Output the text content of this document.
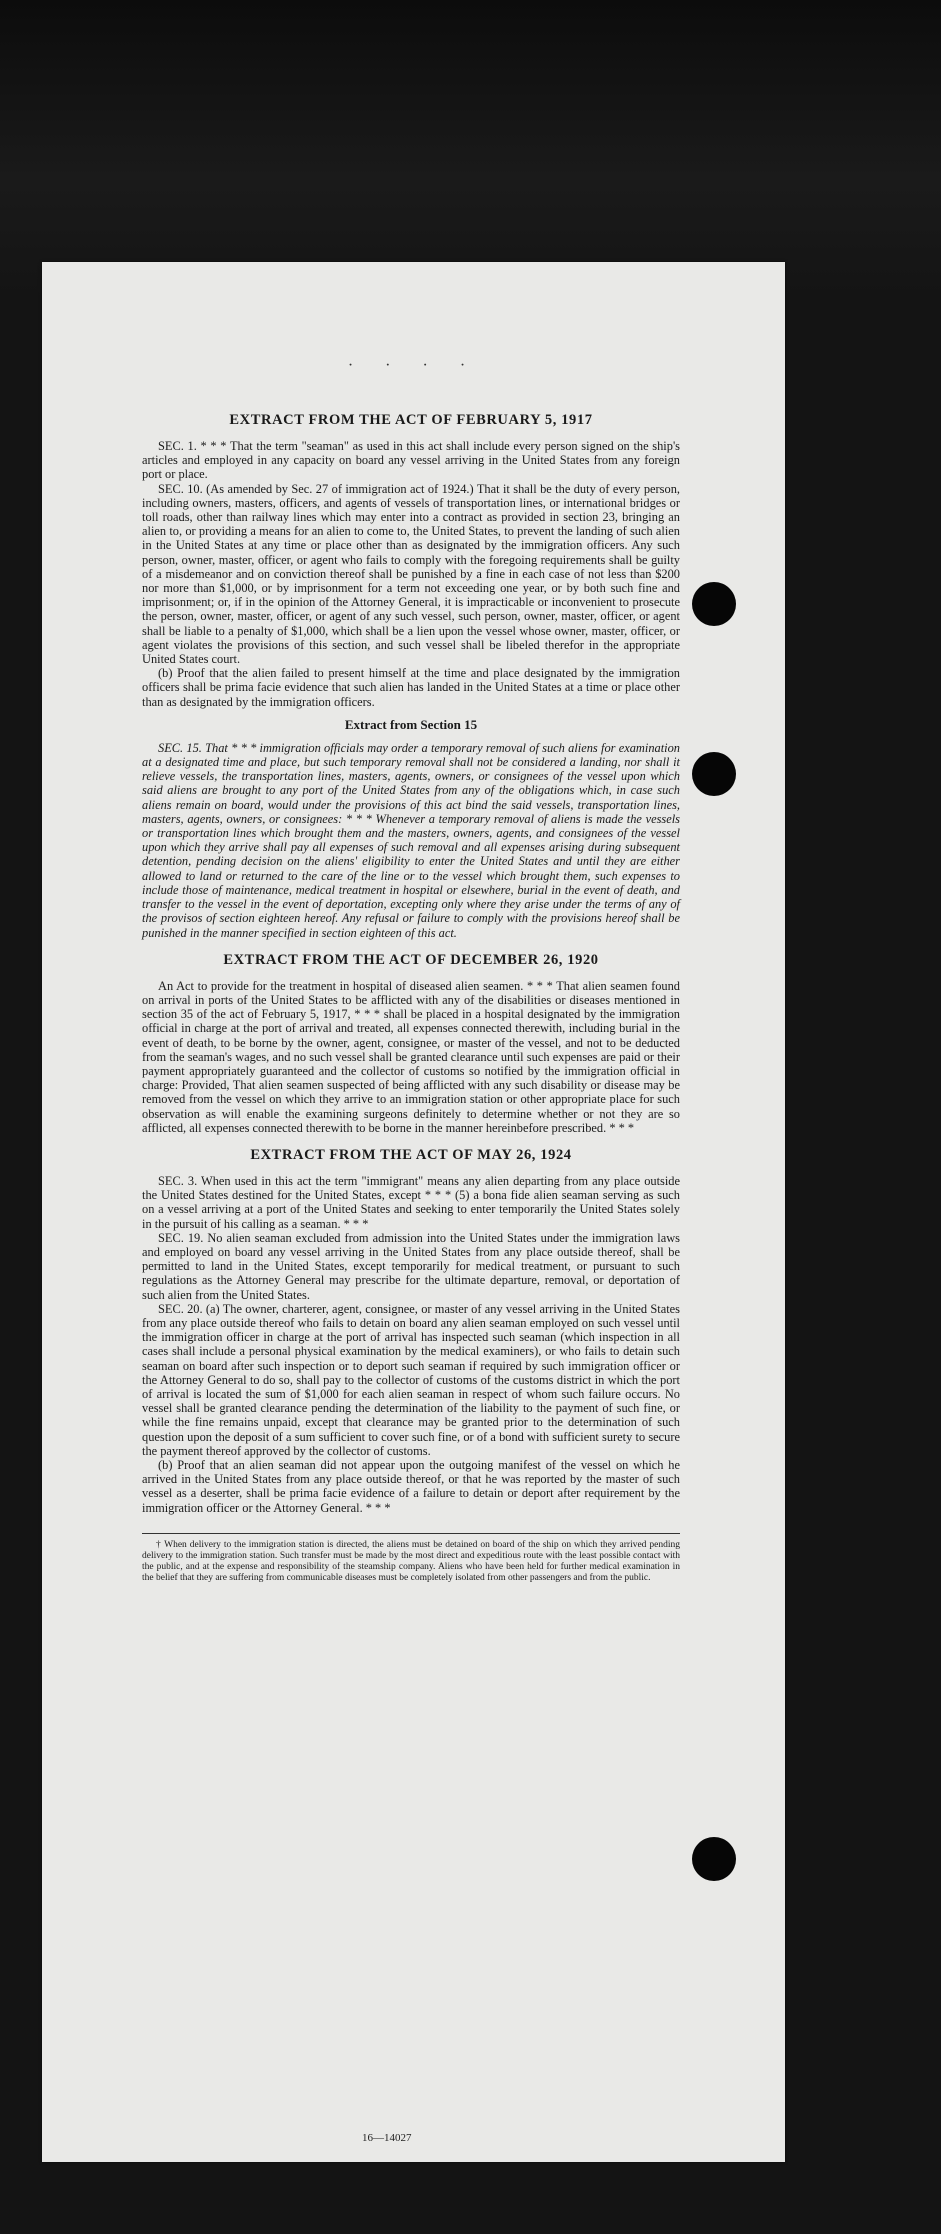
· · · ·
EXTRACT FROM THE ACT OF FEBRUARY 5, 1917

SEC. 1. * * * That the term "seaman" as used in this act shall include every person signed on the ship's articles and employed in any capacity on board any vessel arriving in the United States from any foreign port or place.

SEC. 10. (As amended by Sec. 27 of immigration act of 1924.) That it shall be the duty of every person, including owners, masters, officers, and agents of vessels of transportation lines, or international bridges or toll roads, other than railway lines which may enter into a contract as provided in section 23, bringing an alien to, or providing a means for an alien to come to, the United States, to prevent the landing of such alien in the United States at any time or place other than as designated by the immigration officers. Any such person, owner, master, officer, or agent who fails to comply with the foregoing requirements shall be guilty of a misdemeanor and on conviction thereof shall be punished by a fine in each case of not less than $200 nor more than $1,000, or by imprisonment for a term not exceeding one year, or by both such fine and imprisonment; or, if in the opinion of the Attorney General, it is impracticable or inconvenient to prosecute the person, owner, master, officer, or agent of any such vessel, such person, owner, master, officer, or agent shall be liable to a penalty of $1,000, which shall be a lien upon the vessel whose owner, master, officer, or agent violates the provisions of this section, and such vessel shall be libeled therefor in the appropriate United States court.

(b) Proof that the alien failed to present himself at the time and place designated by the immigration officers shall be prima facie evidence that such alien has landed in the United States at a time or place other than as designated by the immigration officers.

Extract from Section 15

SEC. 15. That * * * immigration officials may order a temporary removal of such aliens for examination at a designated time and place, but such temporary removal shall not be considered a landing, nor shall it relieve vessels, the transportation lines, masters, agents, owners, or consignees of the vessel upon which said aliens are brought to any port of the United States from any of the obligations which, in case such aliens remain on board, would under the provisions of this act bind the said vessels, transportation lines, masters, agents, owners, or consignees: * * * Whenever a temporary removal of aliens is made the vessels or transportation lines which brought them and the masters, owners, agents, and consignees of the vessel upon which they arrive shall pay all expenses of such removal and all expenses arising during subsequent detention, pending decision on the aliens' eligibility to enter the United States and until they are either allowed to land or returned to the care of the line or to the vessel which brought them, such expenses to include those of maintenance, medical treatment in hospital or elsewhere, burial in the event of death, and transfer to the vessel in the event of deportation, excepting only where they arise under the terms of any of the provisos of section eighteen hereof. Any refusal or failure to comply with the provisions hereof shall be punished in the manner specified in section eighteen of this act.

EXTRACT FROM THE ACT OF DECEMBER 26, 1920

An Act to provide for the treatment in hospital of diseased alien seamen. * * * That alien seamen found on arrival in ports of the United States to be afflicted with any of the disabilities or diseases mentioned in section 35 of the act of February 5, 1917, * * * shall be placed in a hospital designated by the immigration official in charge at the port of arrival and treated, all expenses connected therewith, including burial in the event of death, to be borne by the owner, agent, consignee, or master of the vessel, and not to be deducted from the seaman's wages, and no such vessel shall be granted clearance until such expenses are paid or their payment appropriately guaranteed and the collector of customs so notified by the immigration official in charge: Provided, That alien seamen suspected of being afflicted with any such disability or disease may be removed from the vessel on which they arrive to an immigration station or other appropriate place for such observation as will enable the examining surgeons definitely to determine whether or not they are so afflicted, all expenses connected therewith to be borne in the manner hereinbefore prescribed. * * *

EXTRACT FROM THE ACT OF MAY 26, 1924

SEC. 3. When used in this act the term "immigrant" means any alien departing from any place outside the United States destined for the United States, except * * * (5) a bona fide alien seaman serving as such on a vessel arriving at a port of the United States and seeking to enter temporarily the United States solely in the pursuit of his calling as a seaman. * * *

SEC. 19. No alien seaman excluded from admission into the United States under the immigration laws and employed on board any vessel arriving in the United States from any place outside thereof, shall be permitted to land in the United States, except temporarily for medical treatment, or pursuant to such regulations as the Attorney General may prescribe for the ultimate departure, removal, or deportation of such alien from the United States.

SEC. 20. (a) The owner, charterer, agent, consignee, or master of any vessel arriving in the United States from any place outside thereof who fails to detain on board any alien seaman employed on such vessel until the immigration officer in charge at the port of arrival has inspected such seaman (which inspection in all cases shall include a personal physical examination by the medical examiners), or who fails to detain such seaman on board after such inspection or to deport such seaman if required by such immigration officer or the Attorney General to do so, shall pay to the collector of customs of the customs district in which the port of arrival is located the sum of $1,000 for each alien seaman in respect of whom such failure occurs. No vessel shall be granted clearance pending the determination of the liability to the payment of such fine, or while the fine remains unpaid, except that clearance may be granted prior to the determination of such question upon the deposit of a sum sufficient to cover such fine, or of a bond with sufficient surety to secure the payment thereof approved by the collector of customs.

(b) Proof that an alien seaman did not appear upon the outgoing manifest of the vessel on which he arrived in the United States from any place outside thereof, or that he was reported by the master of such vessel as a deserter, shall be prima facie evidence of a failure to detain or deport after requirement by the immigration officer or the Attorney General. * * *

† When delivery to the immigration station is directed, the aliens must be detained on board of the ship on which they arrived pending delivery to the immigration station. Such transfer must be made by the most direct and expeditious route with the least possible contact with the public, and at the expense and responsibility of the steamship company. Aliens who have been held for further medical examination in the belief that they are suffering from communicable diseases must be completely isolated from other passengers and from the public.

16—14027
